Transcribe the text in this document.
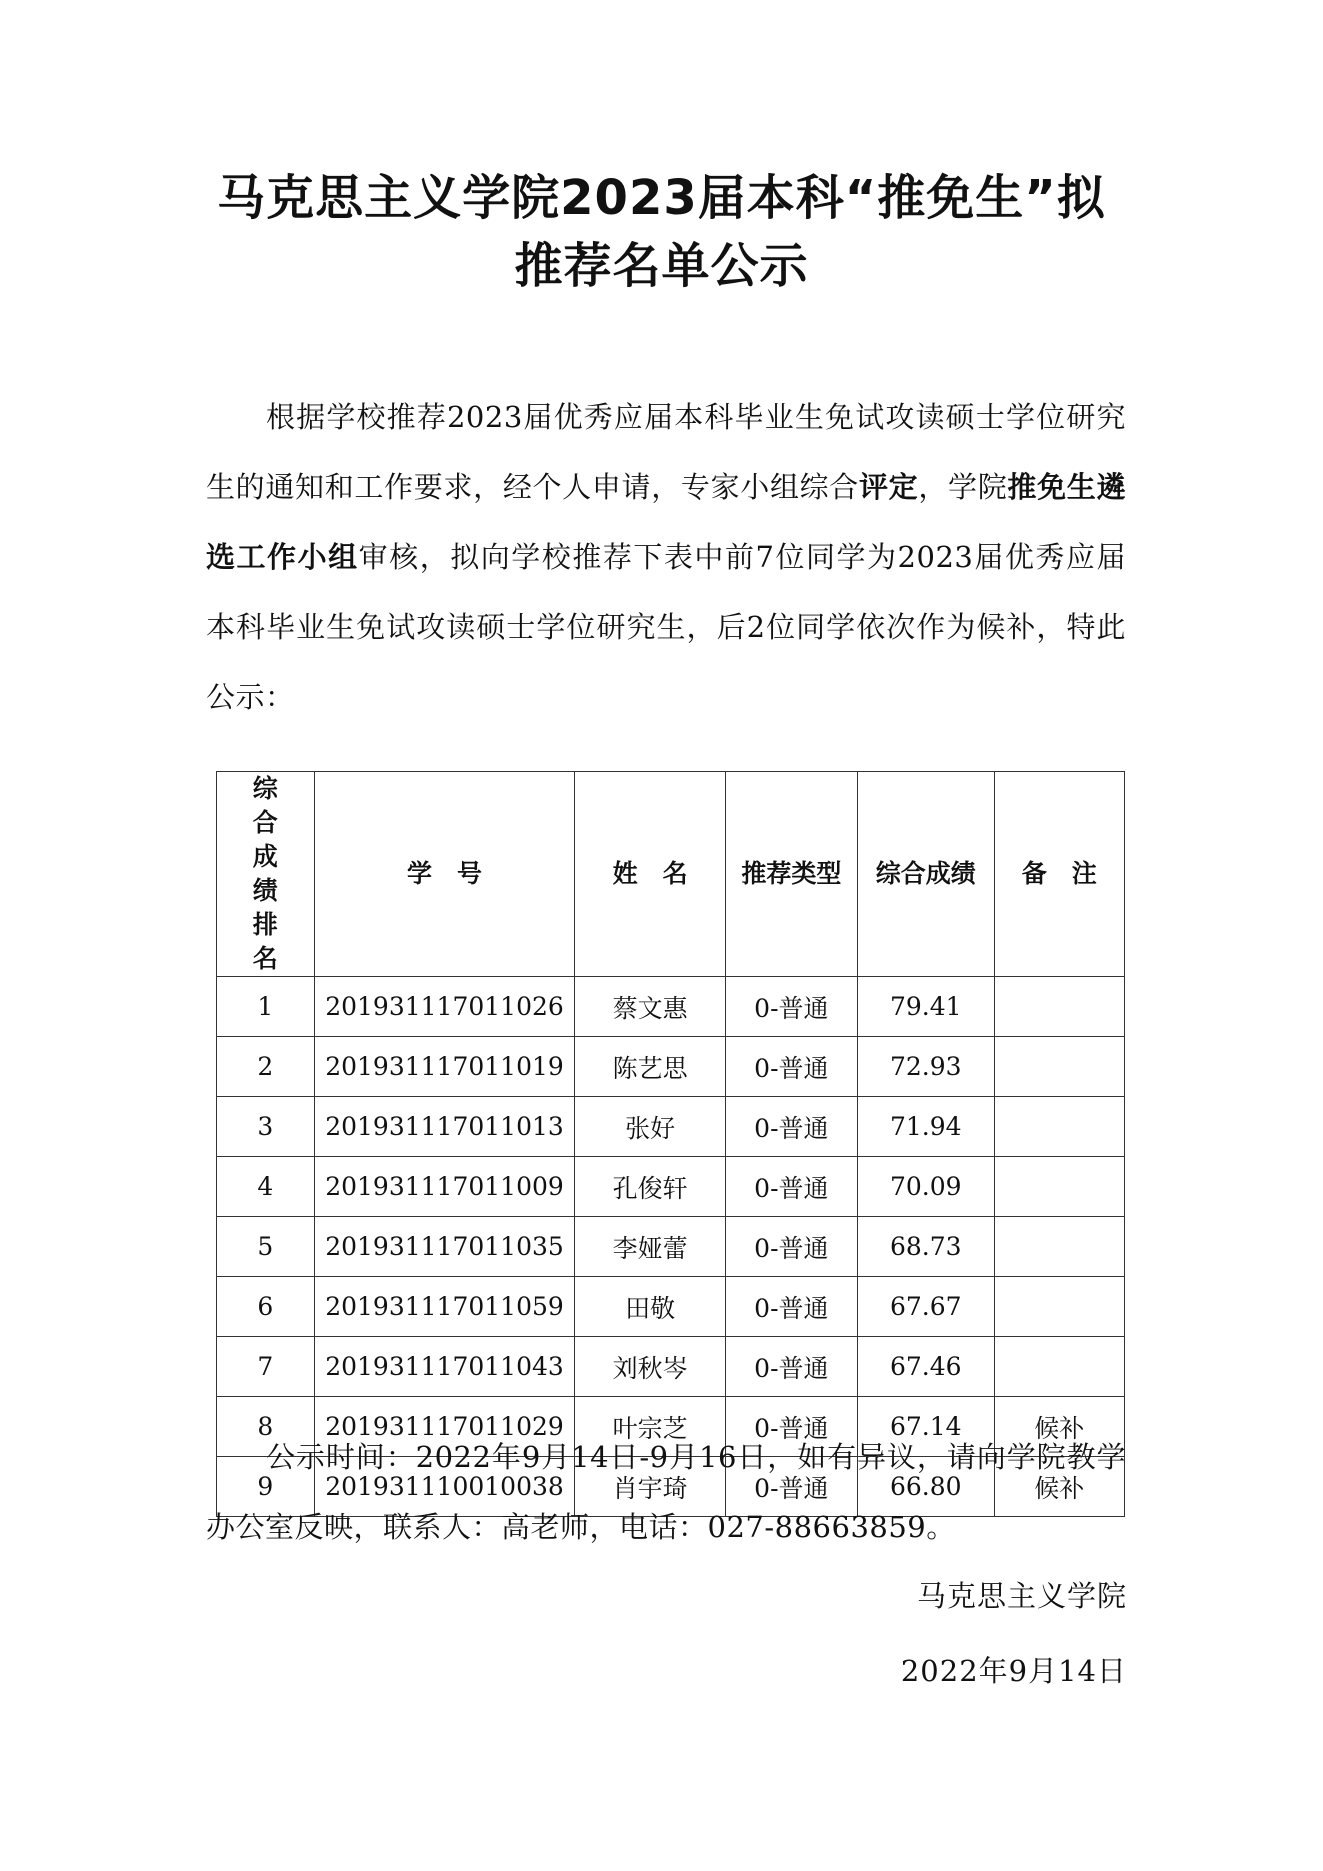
马克思主义学院2023届本科“推免生”拟
推荐名单公示
根据学校推荐2023届优秀应届本科毕业生免试攻读硕士学位研究生的通知和工作要求，经个人申请，专家小组综合评定，学院推免生遴选工作小组审核，拟向学校推荐下表中前7位同学为2023届优秀应届本科毕业生免试攻读硕士学位研究生，后2位同学依次作为候补，特此公示：
综合成绩排名	学　号	姓　名	推荐类型	综合成绩	备　注
1	201931117011026	蔡文惠	0-普通	79.41	
2	201931117011019	陈艺思	0-普通	72.93	
3	201931117011013	张好	0-普通	71.94	
4	201931117011009	孔俊轩	0-普通	70.09	
5	201931117011035	李娅蕾	0-普通	68.73	
6	201931117011059	田敬	0-普通	67.67	
7	201931117011043	刘秋岑	0-普通	67.46	
8	201931117011029	叶宗芝	0-普通	67.14	候补
9	201931110010038	肖宇琦	0-普通	66.80	候补
公示时间：2022年9月14日-9月16日，如有异议，请向学院教学办公室反映，联系人：高老师，电话：027-88663859。
马克思主义学院
2022年9月14日
